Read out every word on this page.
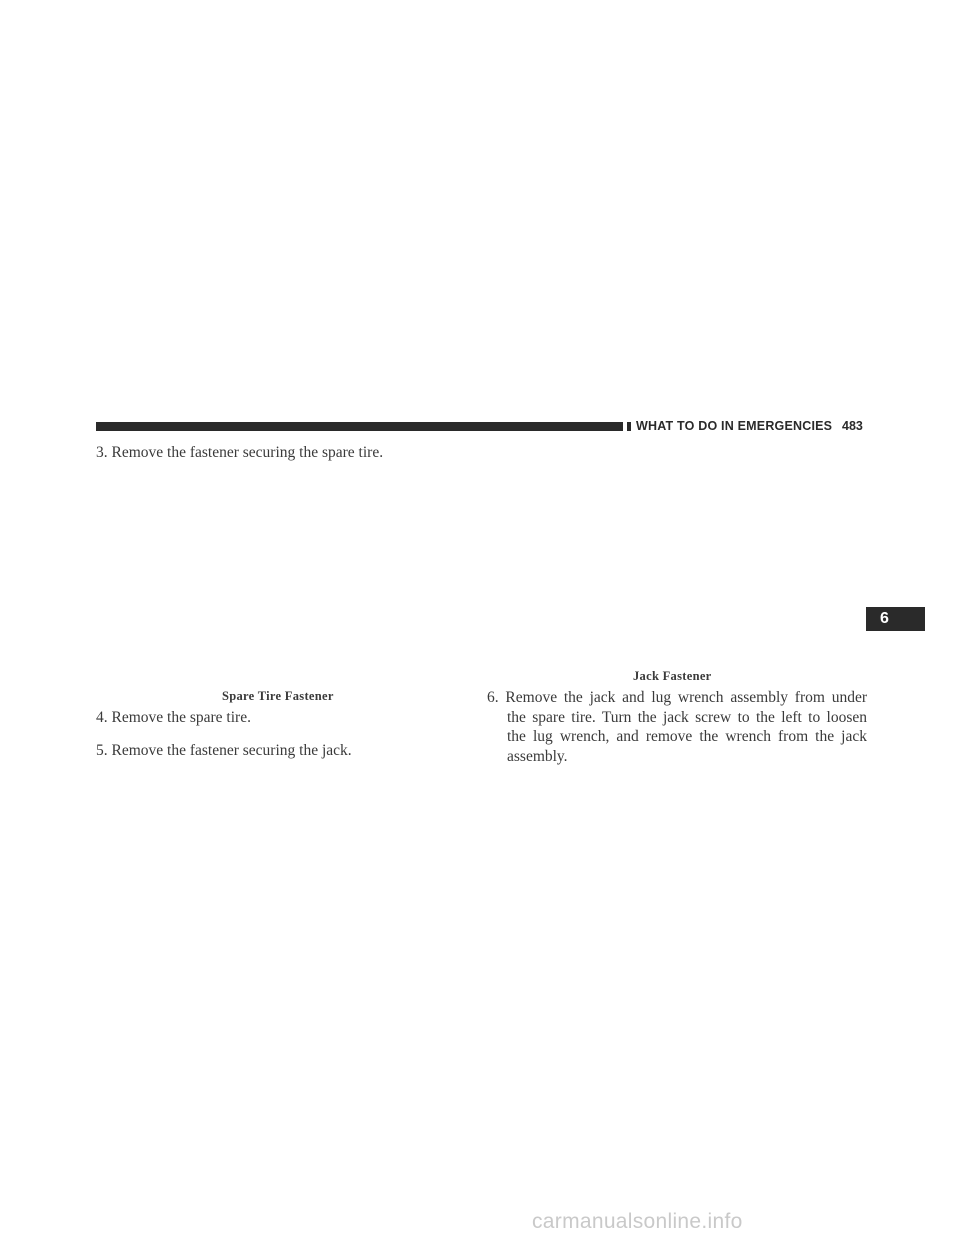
WHAT TO DO IN EMERGENCIES 483
6
3. Remove the fastener securing the spare tire.
Spare Tire Fastener
4. Remove the spare tire.
5. Remove the fastener securing the jack.
Jack Fastener
6. Remove the jack and lug wrench assembly from under
the spare tire. Turn the jack screw to the left to loosen
the lug wrench, and remove the wrench from the jack
assembly.
carmanualsonline.info
